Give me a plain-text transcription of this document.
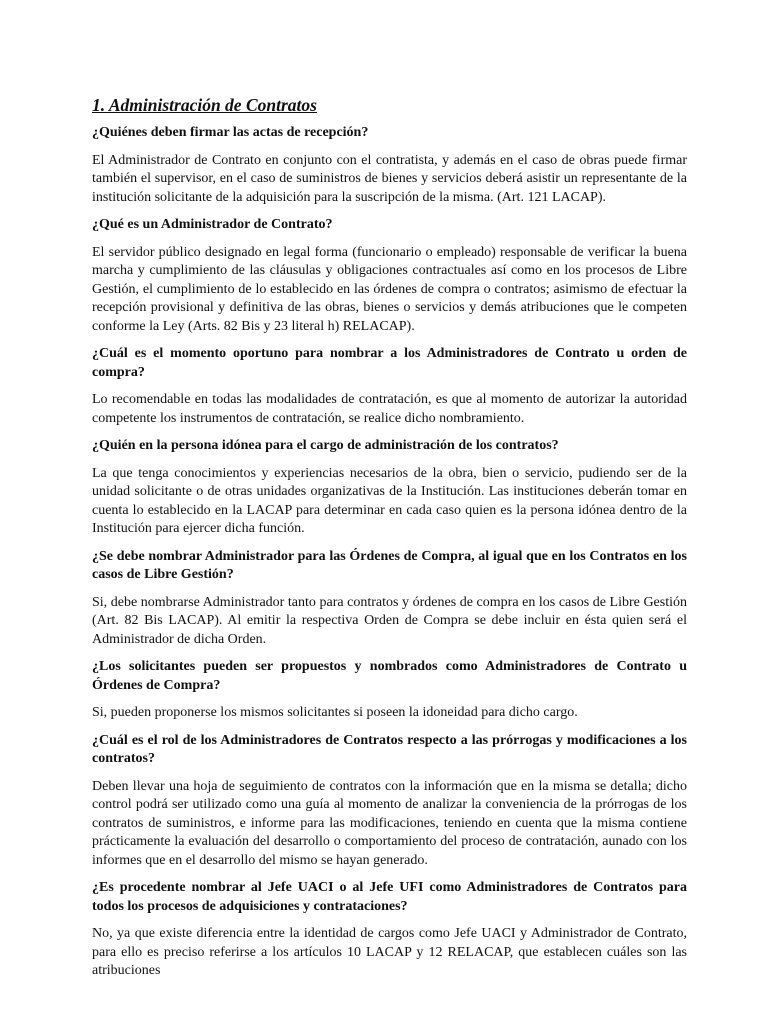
1. Administración de Contratos

¿Quiénes deben firmar las actas de recepción?

El Administrador de Contrato en conjunto con el contratista, y además en el caso de obras puede firmar también el supervisor, en el caso de suministros de bienes y servicios deberá asistir un representante de la institución solicitante de la adquisición para la suscripción de la misma. (Art. 121 LACAP).

¿Qué es un Administrador de Contrato?

El servidor público designado en legal forma (funcionario o empleado) responsable de verificar la buena marcha y cumplimiento de las cláusulas y obligaciones contractuales así como en los procesos de Libre Gestión, el cumplimiento de lo establecido en las órdenes de compra o contratos; asimismo de efectuar la recepción provisional y definitiva de las obras, bienes o servicios y demás atribuciones que le competen conforme la Ley (Arts. 82 Bis y 23 literal h) RELACAP).

¿Cuál es el momento oportuno para nombrar a los Administradores de Contrato u orden de compra?

Lo recomendable en todas las modalidades de contratación, es que al momento de autorizar la autoridad competente los instrumentos de contratación, se realice dicho nombramiento.

¿Quién en la persona idónea para el cargo de administración de los contratos?

La que tenga conocimientos y experiencias necesarios de la obra, bien o servicio, pudiendo ser de la unidad solicitante o de otras unidades organizativas de la Institución. Las instituciones deberán tomar en cuenta lo establecido en la LACAP para determinar en cada caso quien es la persona idónea dentro de la Institución para ejercer dicha función.

¿Se debe nombrar Administrador para las Órdenes de Compra, al igual que en los Contratos en los casos de Libre Gestión?

Si, debe nombrarse Administrador tanto para contratos y órdenes de compra en los casos de Libre Gestión (Art. 82 Bis LACAP). Al emitir la respectiva Orden de Compra se debe incluir en ésta quien será el Administrador de dicha Orden.

¿Los solicitantes pueden ser propuestos y nombrados como Administradores de Contrato u Órdenes de Compra?

Si, pueden proponerse los mismos solicitantes si poseen la idoneidad para dicho cargo.

¿Cuál es el rol de los Administradores de Contratos respecto a las prórrogas y modificaciones a los contratos?

Deben llevar una hoja de seguimiento de contratos con la información que en la misma se detalla; dicho control podrá ser utilizado como una guía al momento de analizar la conveniencia de la prórrogas de los contratos de suministros, e informe para las modificaciones, teniendo en cuenta que la misma contiene prácticamente la evaluación del desarrollo o comportamiento del proceso de contratación, aunado con los informes que en el desarrollo del mismo se hayan generado.

¿Es procedente nombrar al Jefe UACI o al Jefe UFI como Administradores de Contratos para todos los procesos de adquisiciones y contrataciones?

No, ya que existe diferencia entre la identidad de cargos como Jefe UACI y Administrador de Contrato, para ello es preciso referirse a los artículos 10 LACAP y 12 RELACAP, que establecen cuáles son las atribuciones
